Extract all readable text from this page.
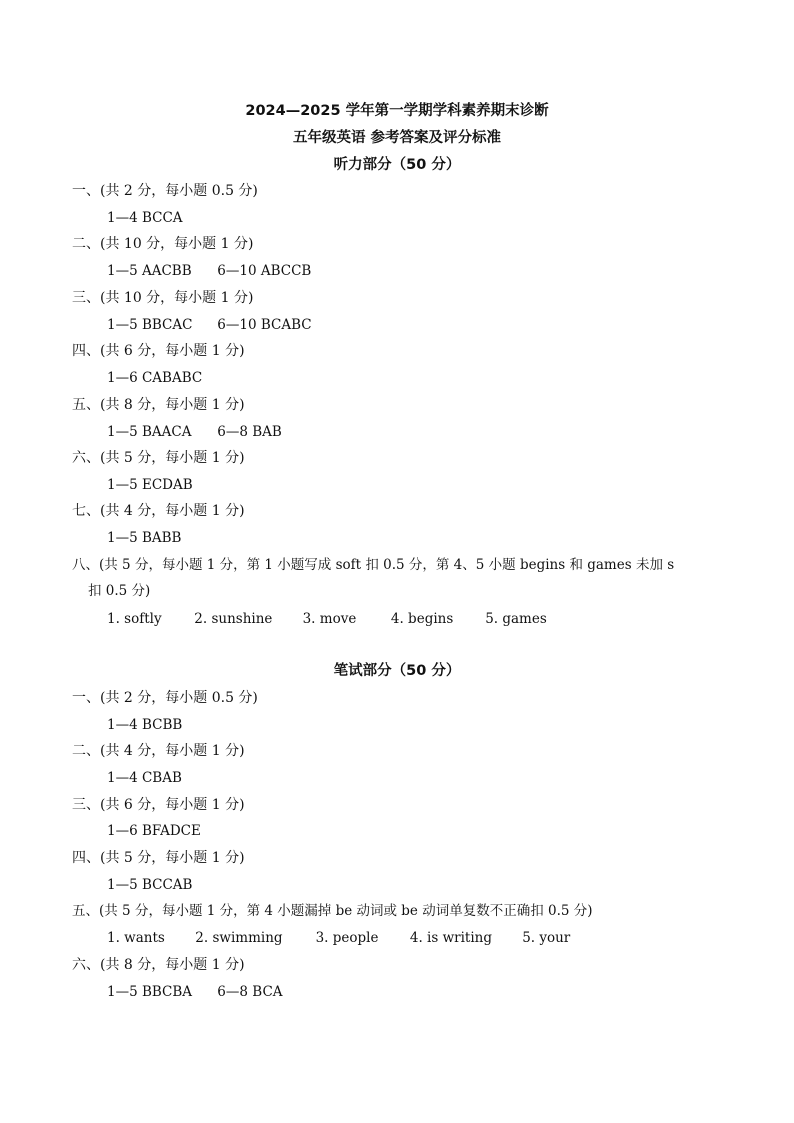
2024—2025 学年第一学期学科素养期末诊断
五年级英语 参考答案及评分标准
听力部分（50 分）
一、(共 2 分，每小题 0.5 分)
1—4 BCCA
二、(共 10 分，每小题 1 分)
1—5 AACBB 6—10 ABCCB
三、(共 10 分，每小题 1 分)
1—5 BBCAC 6—10 BCABC
四、(共 6 分，每小题 1 分)
1—6 CABABC
五、(共 8 分，每小题 1 分)
1—5 BAACA 6—8 BAB
六、(共 5 分，每小题 1 分)
1—5 ECDAB
七、(共 4 分，每小题 1 分)
1—5 BABB
八、(共 5 分，每小题 1 分，第 1 小题写成 soft 扣 0.5 分，第 4、5 小题 begins 和 games 未加 s
扣 0.5 分)
1. softly 2. sunshine 3. move	4. begins 5. games
笔试部分（50 分）
一、(共 2 分，每小题 0.5 分)
1—4 BCBB
二、(共 4 分，每小题 1 分)
1—4 CBAB
三、(共 6 分，每小题 1 分)
1—6 BFADCE
四、(共 5 分，每小题 1 分)
1—5 BCCAB
五、(共 5 分，每小题 1 分，第 4 小题漏掉 be 动词或 be 动词单复数不正确扣 0.5 分)
1. wants 2. swimming 3. people 4. is writing 5. your
六、(共 8 分，每小题 1 分)
1—5 BBCBA 6—8 BCA
